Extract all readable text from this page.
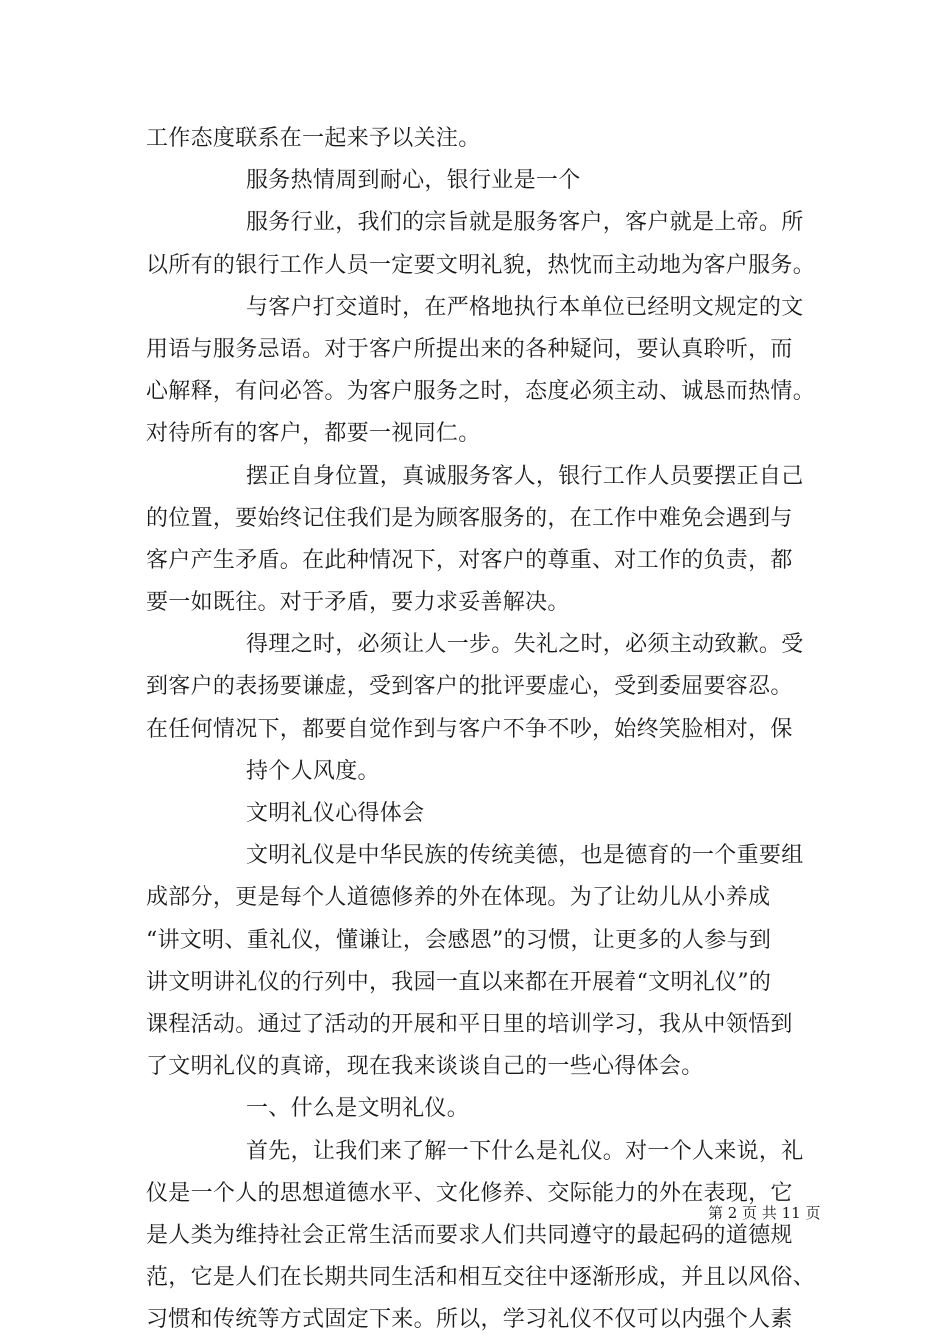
工作态度联系在一起来予以关注。
服务热情周到耐心，银行业是一个
服务行业，我们的宗旨就是服务客户，客户就是上帝。所
以所有的银行工作人员一定要文明礼貌，热忱而主动地为客户服务。
与客户打交道时，在严格地执行本单位已经明文规定的文
用语与服务忌语。对于客户所提出来的各种疑问，要认真聆听，而
心解释，有问必答。为客户服务之时，态度必须主动、诚恳而热情。
对待所有的客户，都要一视同仁。
摆正自身位置，真诚服务客人，银行工作人员要摆正自己
的位置，要始终记住我们是为顾客服务的，在工作中难免会遇到与
客户产生矛盾。在此种情况下，对客户的尊重、对工作的负责，都
要一如既往。对于矛盾，要力求妥善解决。
得理之时，必须让人一步。失礼之时，必须主动致歉。受
到客户的表扬要谦虚，受到客户的批评要虚心，受到委屈要容忍。
在任何情况下，都要自觉作到与客户不争不吵，始终笑脸相对，保
持个人风度。
文明礼仪心得体会
文明礼仪是中华民族的传统美德，也是德育的一个重要组
成部分，更是每个人道德修养的外在体现。为了让幼儿从小养成
“讲文明、重礼仪，懂谦让，会感恩”的习惯，让更多的人参与到
讲文明讲礼仪的行列中，我园一直以来都在开展着“文明礼仪”的
课程活动。通过了活动的开展和平日里的培训学习，我从中领悟到
了文明礼仪的真谛，现在我来谈谈自己的一些心得体会。
一、什么是文明礼仪。
首先，让我们来了解一下什么是礼仪。对一个人来说，礼
仪是一个人的思想道德水平、文化修养、交际能力的外在表现，它
是人类为维持社会正常生活而要求人们共同遵守的最起码的道德规
范，它是人们在长期共同生活和相互交往中逐渐形成，并且以风俗、
习惯和传统等方式固定下来。所以，学习礼仪不仅可以内强个人素
第 2 页 共 11 页
